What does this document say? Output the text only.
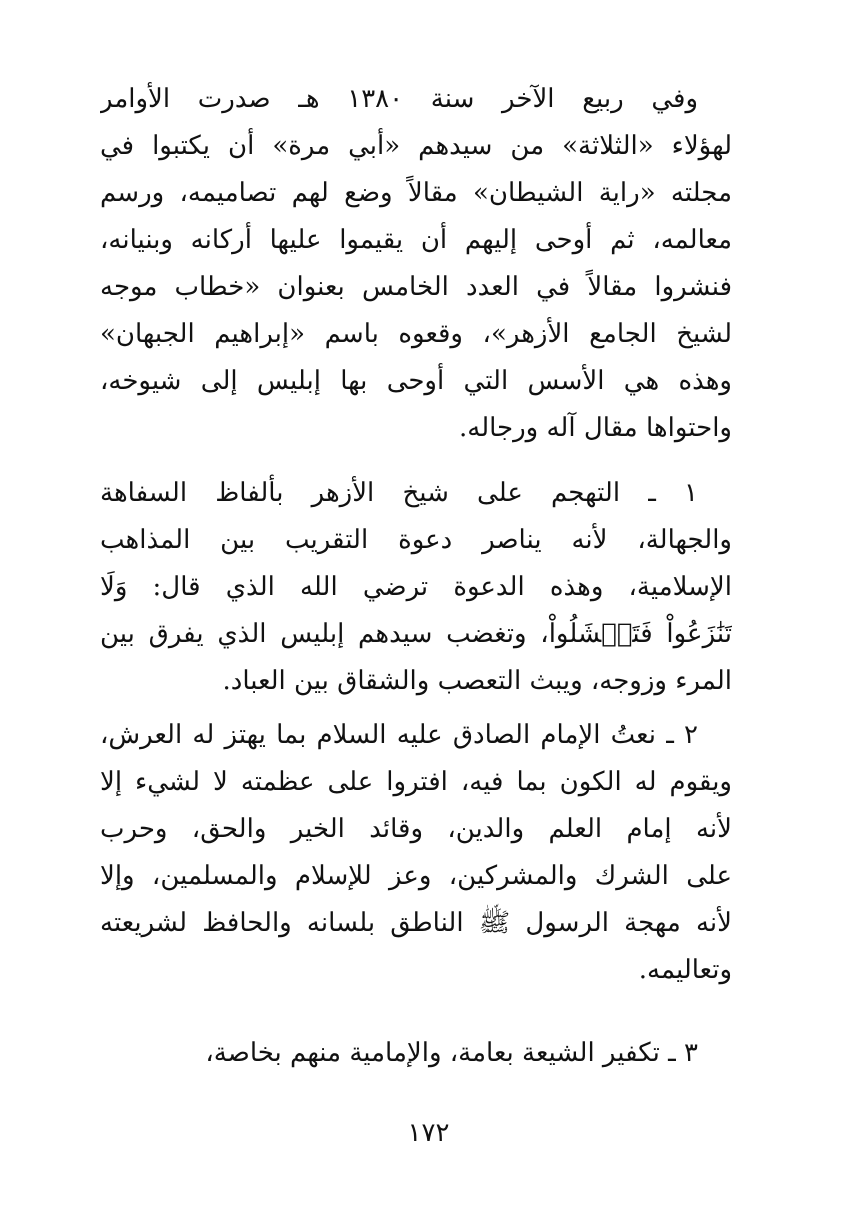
وفي ربيع الآخر سنة ١٣٨٠ هـ صدرت الأوامر
لهؤلاء «الثلاثة» من سيدهم «أبي مرة» أن يكتبوا في
مجلته «راية الشيطان» مقالاً وضع لهم تصاميمه، ورسم
معالمه، ثم أوحى إليهم أن يقيموا عليها أركانه وبنيانه،
فنشروا مقالاً في العدد الخامس بعنوان «خطاب موجه
لشيخ الجامع الأزهر»، وقعوه باسم «إبراهيم الجبهان»
وهذه هي الأسس التي أوحى بها إبليس إلى شيوخه،
واحتواها مقال آله ورجاله.
١ ـ التهجم على شيخ الأزهر بألفاظ السفاهة
والجهالة، لأنه يناصر دعوة التقريب بين المذاهب
الإسلامية، وهذه الدعوة ترضي الله الذي قال: وَلَا
تَنَٰزَعُواْ فَتَفۡشَلُواْ، وتغضب سيدهم إبليس الذي يفرق بين
المرء وزوجه، ويبث التعصب والشقاق بين العباد.
٢ ـ نعتُ الإمام الصادق عليه السلام بما يهتز له العرش،
ويقوم له الكون بما فيه، افتروا على عظمته لا لشيء إلا
لأنه إمام العلم والدين، وقائد الخير والحق، وحرب
على الشرك والمشركين، وعز للإسلام والمسلمين، وإلا
لأنه مهجة الرسول ﷺ الناطق بلسانه والحافظ لشريعته
وتعاليمه.
٣ ـ تكفير الشيعة بعامة، والإمامية منهم بخاصة،
١٧٢
